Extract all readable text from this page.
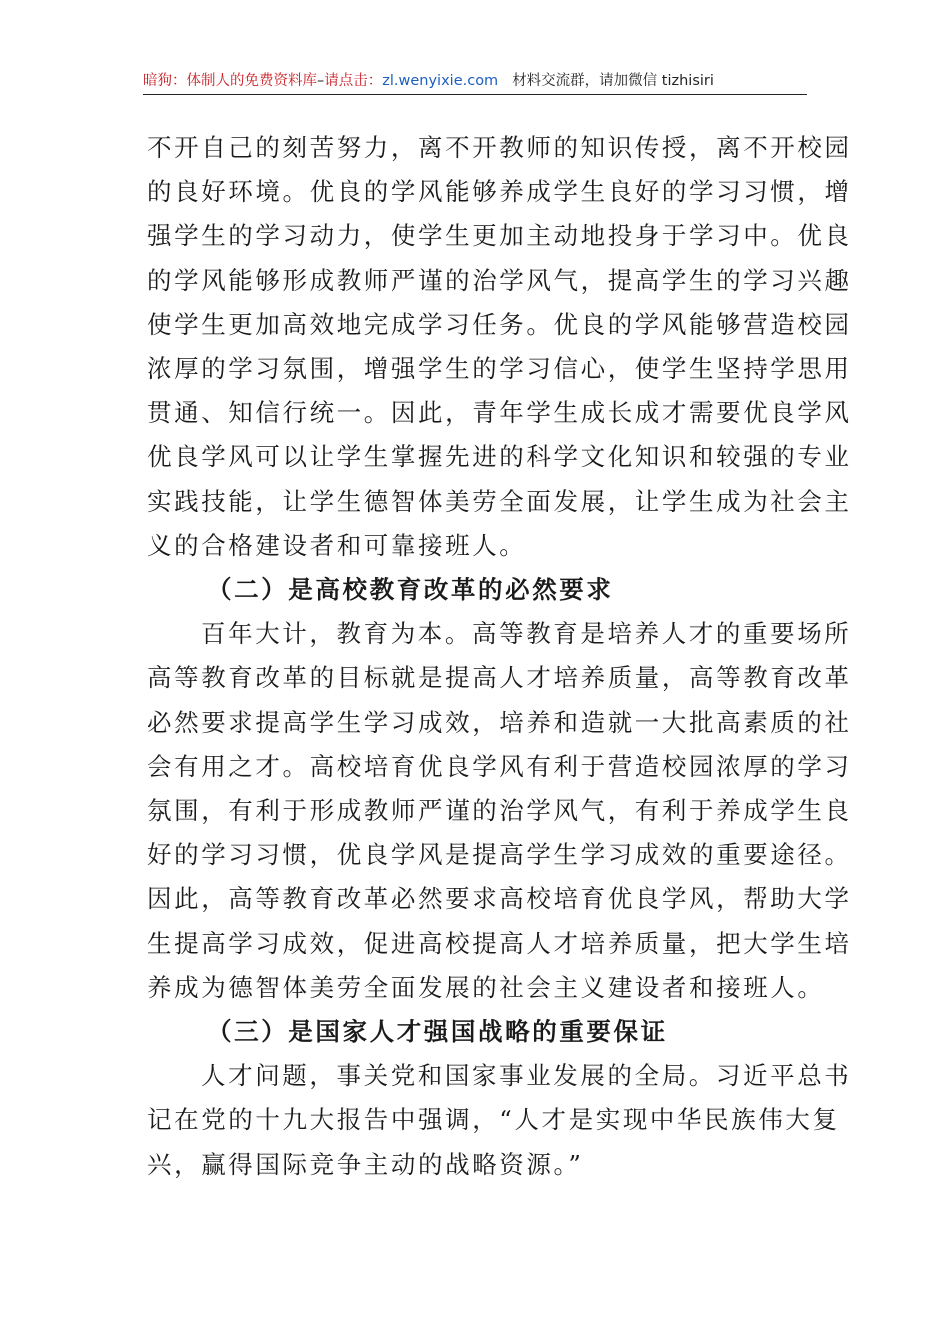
暗狗：体制人的免费资料库–请点击：zl.wenyixie.com 材料交流群，请加微信 tizhisiri

不开自己的刻苦努力，离不开教师的知识传授，离不开校园
的良好环境。优良的学风能够养成学生良好的学习习惯，增
强学生的学习动力，使学生更加主动地投身于学习中。优良
的学风能够形成教师严谨的治学风气，提高学生的学习兴趣
使学生更加高效地完成学习任务。优良的学风能够营造校园
浓厚的学习氛围，增强学生的学习信心，使学生坚持学思用
贯通、知信行统一。因此，青年学生成长成才需要优良学风
优良学风可以让学生掌握先进的科学文化知识和较强的专业
实践技能，让学生德智体美劳全面发展，让学生成为社会主
义的合格建设者和可靠接班人。

（二）是高校教育改革的必然要求

百年大计，教育为本。高等教育是培养人才的重要场所
高等教育改革的目标就是提高人才培养质量，高等教育改革
必然要求提高学生学习成效，培养和造就一大批高素质的社
会有用之才。高校培育优良学风有利于营造校园浓厚的学习
氛围，有利于形成教师严谨的治学风气，有利于养成学生良
好的学习习惯，优良学风是提高学生学习成效的重要途径。
因此，高等教育改革必然要求高校培育优良学风，帮助大学
生提高学习成效，促进高校提高人才培养质量，把大学生培
养成为德智体美劳全面发展的社会主义建设者和接班人。

（三）是国家人才强国战略的重要保证

人才问题，事关党和国家事业发展的全局。习近平总书
记在党的十九大报告中强调，“人才是实现中华民族伟大复
兴，赢得国际竞争主动的战略资源。”
